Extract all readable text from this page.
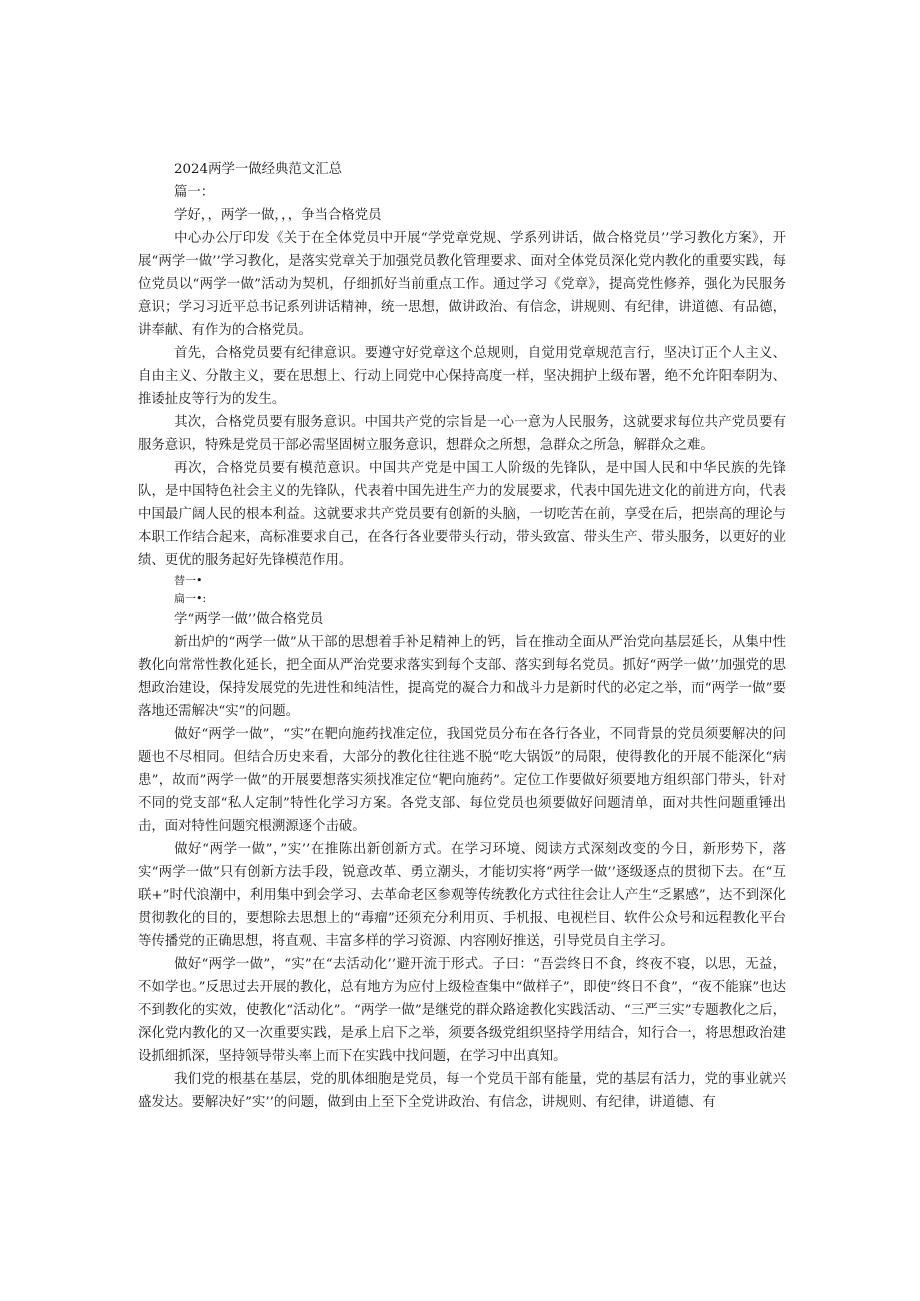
2024两学一做经典范文汇总

篇一：

学好，，两学一做，，，争当合格党员

中心办公厅印发《关于在全体党员中开展“学党章党规、学系列讲话，做合格党员’’学习教化方案》，开展“两学一做’’学习教化，是落实党章关于加强党员教化管理要求、面对全体党员深化党内教化的重要实践，每位党员以“两学一做”活动为契机，仔细抓好当前重点工作。通过学习《党章》，提高党性修养，强化为民服务意识；学习习近平总书记系列讲话精神，统一思想，做讲政治、有信念，讲规则、有纪律，讲道德、有品德，讲奉献、有作为的合格党员。

首先，合格党员要有纪律意识。要遵守好党章这个总规则，自觉用党章规范言行，坚决订正个人主义、自由主义、分散主义，要在思想上、行动上同党中心保持高度一样，坚决拥护上级布署，绝不允许阳奉阴为、推诿扯皮等行为的发生。

其次，合格党员要有服务意识。中国共产党的宗旨是一心一意为人民服务，这就要求每位共产党员要有服务意识，特殊是党员干部必需坚固树立服务意识，想群众之所想，急群众之所急，解群众之难。

再次，合格党员要有模范意识。中国共产党是中国工人阶级的先锋队，是中国人民和中华民族的先锋队，是中国特色社会主义的先锋队，代表着中国先进生产力的发展要求，代表中国先进文化的前进方向，代表中国最广阔人民的根本利益。这就要求共产党员要有创新的头脑，一切吃苦在前，享受在后，把崇高的理论与本职工作结合起来，高标准要求自己，在各行各业要带头行动，带头致富、带头生产、带头服务，以更好的业绩、更优的服务起好先锋模范作用。

替一•

扁一•:

学“两学一做’’做合格党员

新出炉的“两学一做”从干部的思想着手补足精神上的钙，旨在推动全面从严治党向基层延长，从集中性教化向常常性教化延长，把全面从严治党要求落实到每个支部、落实到每名党员。抓好“两学一做’’加强党的思想政治建设，保持发展党的先进性和纯洁性，提高党的凝合力和战斗力是新时代的必定之举，而“两学一做”要落地还需解决“实”的问题。

做好“两学一做”，“实”在靶向施药找准定位，我国党员分布在各行各业，不同背景的党员须要解决的问题也不尽相同。但结合历史来看，大部分的教化往往逃不脱“吃大锅饭”的局限，使得教化的开展不能深化“病患”，故而”两学一做”的开展要想落实须找准定位“靶向施药”。定位工作要做好须要地方组织部门带头，针对不同的党支部“私人定制”特性化学习方案。各党支部、每位党员也须要做好问题清单，面对共性问题重锤出击，面对特性问题究根溯源逐个击破。

做好“两学一做”，”实’’在推陈出新创新方式。在学习环境、阅读方式深刻改变的今日，新形势下，落实“两学一做”只有创新方法手段，锐意改革、勇立潮头，才能切实将“两学一做’’逐级逐点的贯彻下去。在“互联+”时代浪潮中，利用集中到会学习、去革命老区参观等传统教化方式往往会让人产生“乏累感”，达不到深化贯彻教化的目的，要想除去思想上的“毒瘤”还须充分利用页、手机报、电视栏目、软件公众号和远程教化平台等传播党的正确思想，将直观、丰富多样的学习资源、内容刚好推送，引导党员自主学习。

做好“两学一做”，“实”在“去活动化’’避开流于形式。子曰：“吾尝终日不食，终夜不寝，以思，无益，不如学也。”反思过去开展的教化，总有地方为应付上级检查集中“做样子”，即使“终日不食”，“夜不能寐”也达不到教化的实效，使教化“活动化”。“两学一做”是继党的群众路途教化实践活动、“三严三实”专题教化之后，深化党内教化的又一次重要实践，是承上启下之举，须要各级党组织坚持学用结合，知行合一，将思想政治建设抓细抓深，坚持领导带头率上而下在实践中找问题，在学习中出真知。

我们党的根基在基层，党的肌体细胞是党员，每一个党员干部有能量，党的基层有活力，党的事业就兴盛发达。要解决好”实’’的问题，做到由上至下全党讲政治、有信念，讲规则、有纪律，讲道德、有
